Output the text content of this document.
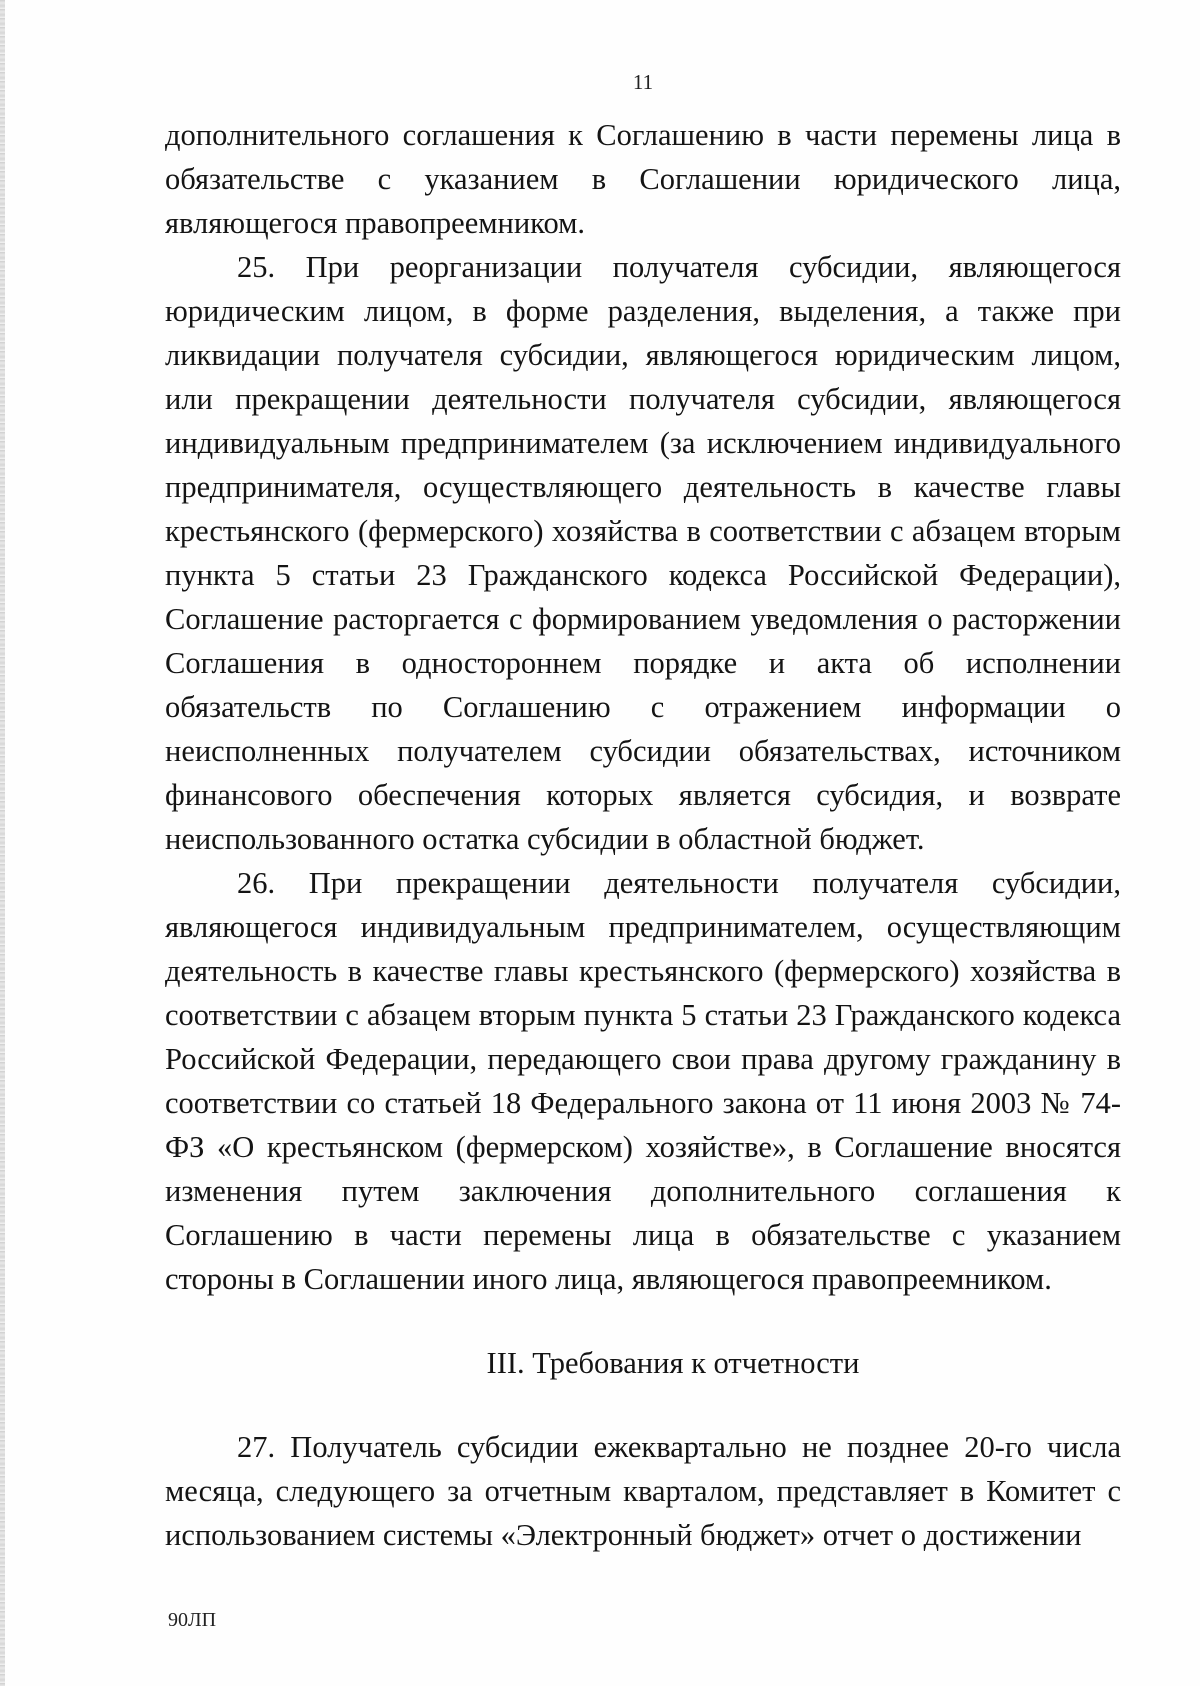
11

дополнительного соглашения к Соглашению в части перемены лица в обязательстве с указанием в Соглашении юридического лица, являющегося правопреемником.

25. При реорганизации получателя субсидии, являющегося юридическим лицом, в форме разделения, выделения, а также при ликвидации получателя субсидии, являющегося юридическим лицом, или прекращении деятельности получателя субсидии, являющегося индивидуальным предпринимателем (за исключением индивидуального предпринимателя, осуществляющего деятельность в качестве главы крестьянского (фермерского) хозяйства в соответствии с абзацем вторым пункта 5 статьи 23 Гражданского кодекса Российской Федерации), Соглашение расторгается с формированием уведомления о расторжении Соглашения в одностороннем порядке и акта об исполнении обязательств по Соглашению с отражением информации о неисполненных получателем субсидии обязательствах, источником финансового обеспечения которых является субсидия, и возврате неиспользованного остатка субсидии в областной бюджет.

26. При прекращении деятельности получателя субсидии, являющегося индивидуальным предпринимателем, осуществляющим деятельность в качестве главы крестьянского (фермерского) хозяйства в соответствии с абзацем вторым пункта 5 статьи 23 Гражданского кодекса Российской Федерации, передающего свои права другому гражданину в соответствии со статьей 18 Федерального закона от 11 июня 2003 № 74-ФЗ «О крестьянском (фермерском) хозяйстве», в Соглашение вносятся изменения путем заключения дополнительного соглашения к Соглашению в части перемены лица в обязательстве с указанием стороны в Соглашении иного лица, являющегося правопреемником.

III. Требования к отчетности

27. Получатель субсидии ежеквартально не позднее 20-го числа месяца, следующего за отчетным кварталом, представляет в Комитет с использованием системы «Электронный бюджет» отчет о достижении

90ЛП
